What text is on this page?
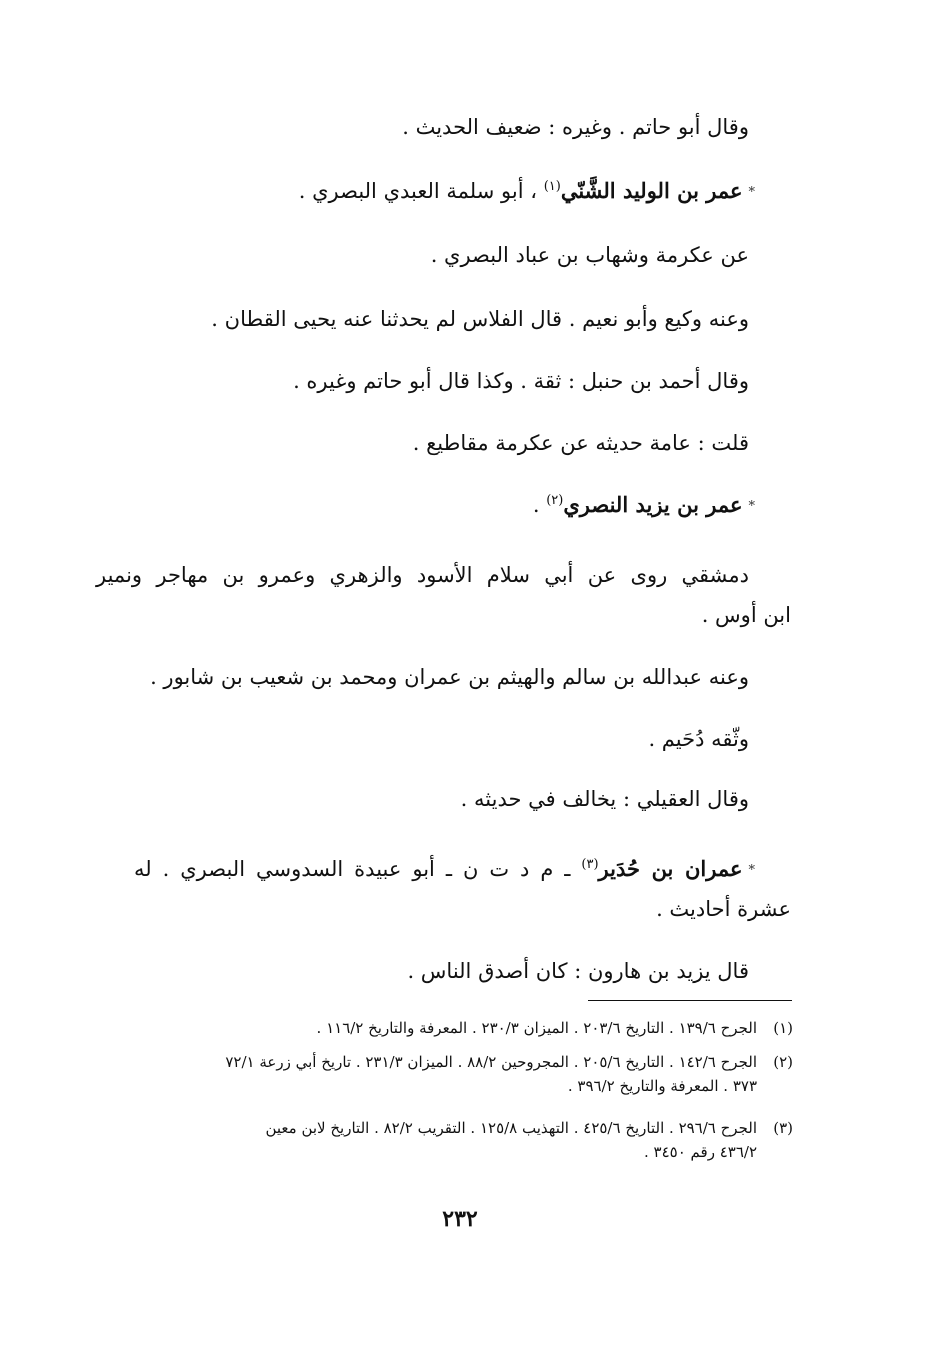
وقال أبو حاتم . وغيره : ضعيف الحديث .
*عمر بن الوليد الشَّنّي$^{(١)}$ ، أبو سلمة العبدي البصري .
عن عكرمة وشهاب بن عباد البصري .
وعنه وكيع وأبو نعيم . قال الفلاس لم يحدثنا عنه يحيى القطان .
وقال أحمد بن حنبل : ثقة . وكذا قال أبو حاتم وغيره .
قلت : عامة حديثه عن عكرمة مقاطيع .
*عمر بن يزيد النصري$^{(٢)}$ .
دمشقي روى عن أبي سلام الأسود والزهري وعمرو بن مهاجر ونمير
ابن أوس .
وعنه عبدالله بن سالم والهيثم بن عمران ومحمد بن شعيب بن شابور .
وثّقه دُحَيم .
وقال العقيلي : يخالف في حديثه .
*عمران بن حُدَير$^{(٣)}$ ـ م د ت ن ـ أبو عبيدة السدوسي البصري . له
عشرة أحاديث .
قال يزيد بن هارون : كان أصدق الناس .
(١)الجرح ١٣٩/٦ . التاريخ ٢٠٣/٦ . الميزان ٢٣٠/٣ . المعرفة والتاريخ ١١٦/٢ .
(٢)الجرح ١٤٢/٦ . التاريخ ٢٠٥/٦ . المجروحين ٨٨/٢ . الميزان ٢٣١/٣ . تاريخ أبي زرعة ٧٢/١
٣٧٣ . المعرفة والتاريخ ٣٩٦/٢ .
(٣)الجرح ٢٩٦/٦ . التاريخ ٤٢٥/٦ . التهذيب ١٢٥/٨ . التقريب ٨٢/٢ . التاريخ لابن معين
٤٣٦/٢ رقم ٣٤٥٠ .
٢٣٢
